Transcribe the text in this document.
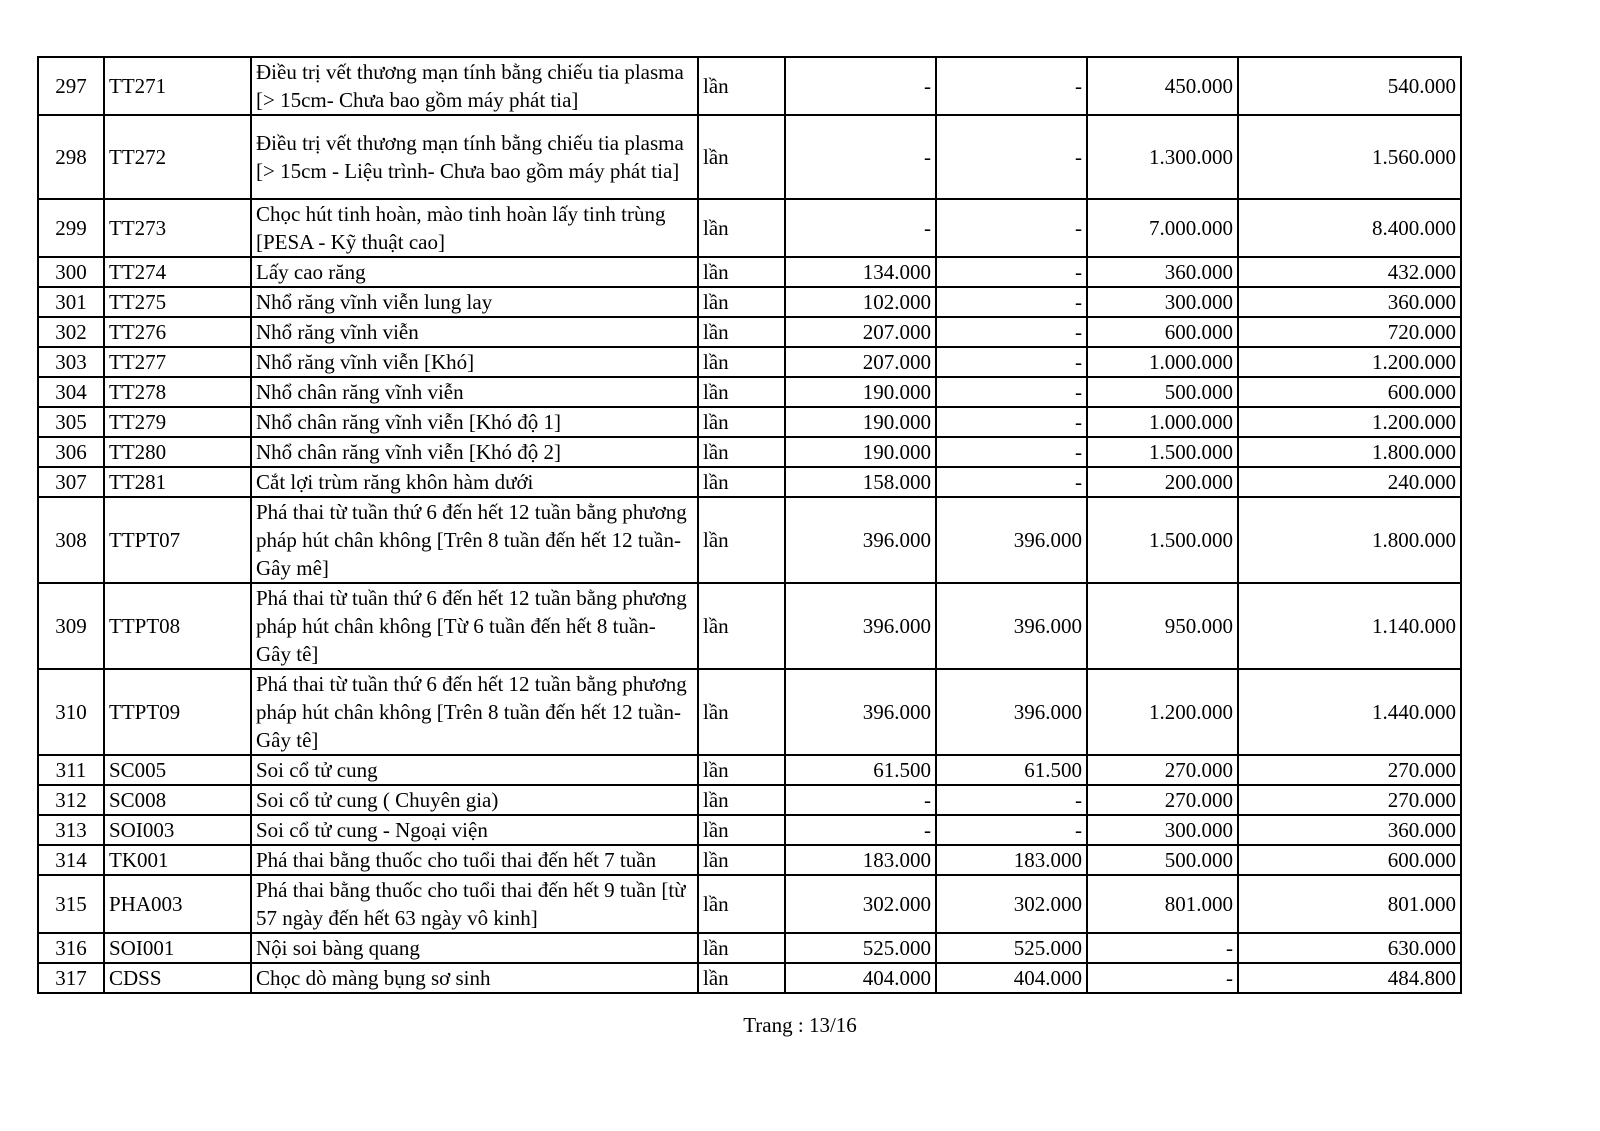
297	TT271	Điều trị vết thương mạn tính bằng chiếu tia plasma [> 15cm- Chưa bao gồm máy phát tia]	lần	-	-	450.000	540.000
298	TT272	Điều trị vết thương mạn tính bằng chiếu tia plasma [> 15cm - Liệu trình- Chưa bao gồm máy phát tia]	lần	-	-	1.300.000	1.560.000
299	TT273	Chọc hút tinh hoàn, mào tinh hoàn lấy tinh trùng [PESA - Kỹ thuật cao]	lần	-	-	7.000.000	8.400.000
300	TT274	Lấy cao răng	lần	134.000	-	360.000	432.000
301	TT275	Nhổ răng vĩnh viễn lung lay	lần	102.000	-	300.000	360.000
302	TT276	Nhổ răng vĩnh viễn	lần	207.000	-	600.000	720.000
303	TT277	Nhổ răng vĩnh viễn [Khó]	lần	207.000	-	1.000.000	1.200.000
304	TT278	Nhổ chân răng vĩnh viễn	lần	190.000	-	500.000	600.000
305	TT279	Nhổ chân răng vĩnh viễn [Khó độ 1]	lần	190.000	-	1.000.000	1.200.000
306	TT280	Nhổ chân răng vĩnh viễn [Khó độ 2]	lần	190.000	-	1.500.000	1.800.000
307	TT281	Cắt lợi trùm răng khôn hàm dưới	lần	158.000	-	200.000	240.000
308	TTPT07	Phá thai từ tuần thứ 6 đến hết 12 tuần bằng phương pháp hút chân không [Trên 8 tuần đến hết 12 tuần- Gây mê]	lần	396.000	396.000	1.500.000	1.800.000
309	TTPT08	Phá thai từ tuần thứ 6 đến hết 12 tuần bằng phương pháp hút chân không [Từ 6 tuần đến hết 8 tuần- Gây tê]	lần	396.000	396.000	950.000	1.140.000
310	TTPT09	Phá thai từ tuần thứ 6 đến hết 12 tuần bằng phương pháp hút chân không [Trên 8 tuần đến hết 12 tuần- Gây tê]	lần	396.000	396.000	1.200.000	1.440.000
311	SC005	Soi cổ tử cung	lần	61.500	61.500	270.000	270.000
312	SC008	Soi cổ tử cung ( Chuyên gia)	lần	-	-	270.000	270.000
313	SOI003	Soi cổ tử cung - Ngoại viện	lần	-	-	300.000	360.000
314	TK001	Phá thai bằng thuốc cho tuổi thai đến hết 7 tuần	lần	183.000	183.000	500.000	600.000
315	PHA003	Phá thai bằng thuốc cho tuổi thai đến hết 9 tuần [từ 57 ngày đến hết 63 ngày vô kinh]	lần	302.000	302.000	801.000	801.000
316	SOI001	Nội soi bàng quang	lần	525.000	525.000	-	630.000
317	CDSS	Chọc dò màng bụng sơ sinh	lần	404.000	404.000	-	484.800
Trang : 13/16
